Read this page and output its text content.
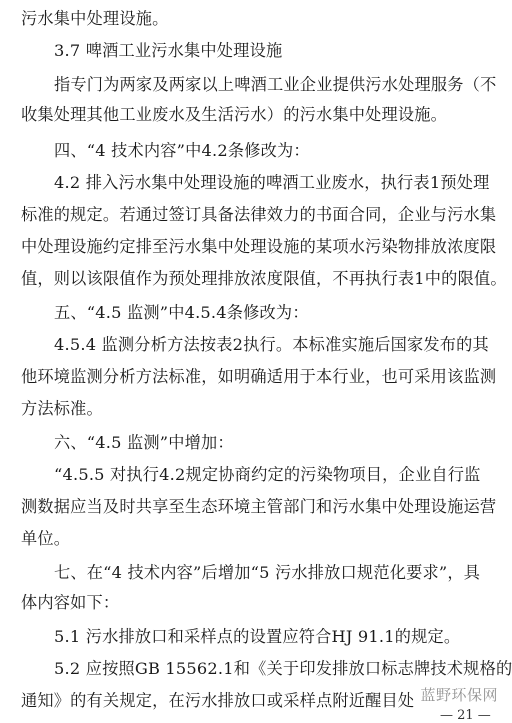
污水集中处理设施。
3.7 啤酒工业污水集中处理设施
指专门为两家及两家以上啤酒工业企业提供污水处理服务（不
收集处理其他工业废水及生活污水）的污水集中处理设施。
四、“4 技术内容”中4.2条修改为：
4.2 排入污水集中处理设施的啤酒工业废水，执行表1预处理
标准的规定。若通过签订具备法律效力的书面合同，企业与污水集
中处理设施约定排至污水集中处理设施的某项水污染物排放浓度限
值，则以该限值作为预处理排放浓度限值，不再执行表1中的限值。
五、“4.5 监测”中4.5.4条修改为：
4.5.4 监测分析方法按表2执行。本标准实施后国家发布的其
他环境监测分析方法标准，如明确适用于本行业，也可采用该监测
方法标准。
六、“4.5 监测”中增加：
“4.5.5 对执行4.2规定协商约定的污染物项目，企业自行监
测数据应当及时共享至生态环境主管部门和污水集中处理设施运营
单位。
七、在“4 技术内容”后增加“5 污水排放口规范化要求”，具
体内容如下：
5.1 污水排放口和采样点的设置应符合HJ 91.1的规定。
5.2 应按照GB 15562.1和《关于印发排放口标志牌技术规格的
通知》的有关规定，在污水排放口或采样点附近醒目处 蓝野环保网
— 21 —
